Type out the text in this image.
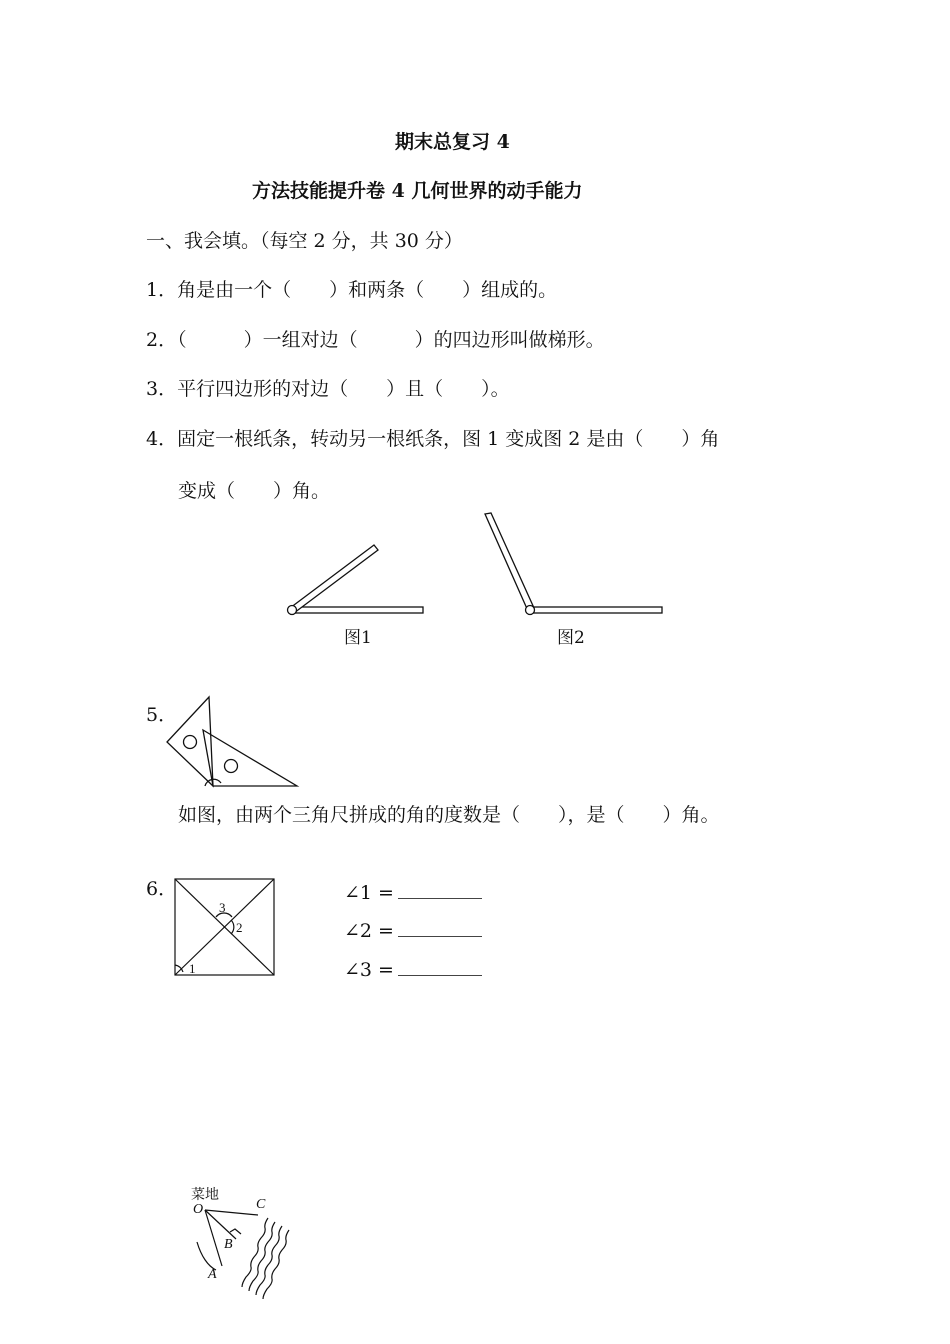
期末总复习 4
方法技能提升卷 4 几何世界的动手能力
一、我会填。（每空 2 分，共 30 分）
1．角是由一个（　　）和两条（　　）组成的。
2．（　　　）一组对边（　　　）的四边形叫做梯形。
3．平行四边形的对边（　　）且（　　）。
4．固定一根纸条，转动另一根纸条，图 1 变成图 2 是由（　　）角
变成（　　）角。
图1	图2
5．
如图，由两个三角尺拼成的角的度数是（　　），是（　　）角。
6．
3
2
1
∠1 =
∠2 =
∠3 =
菜地
O	C
B
A
